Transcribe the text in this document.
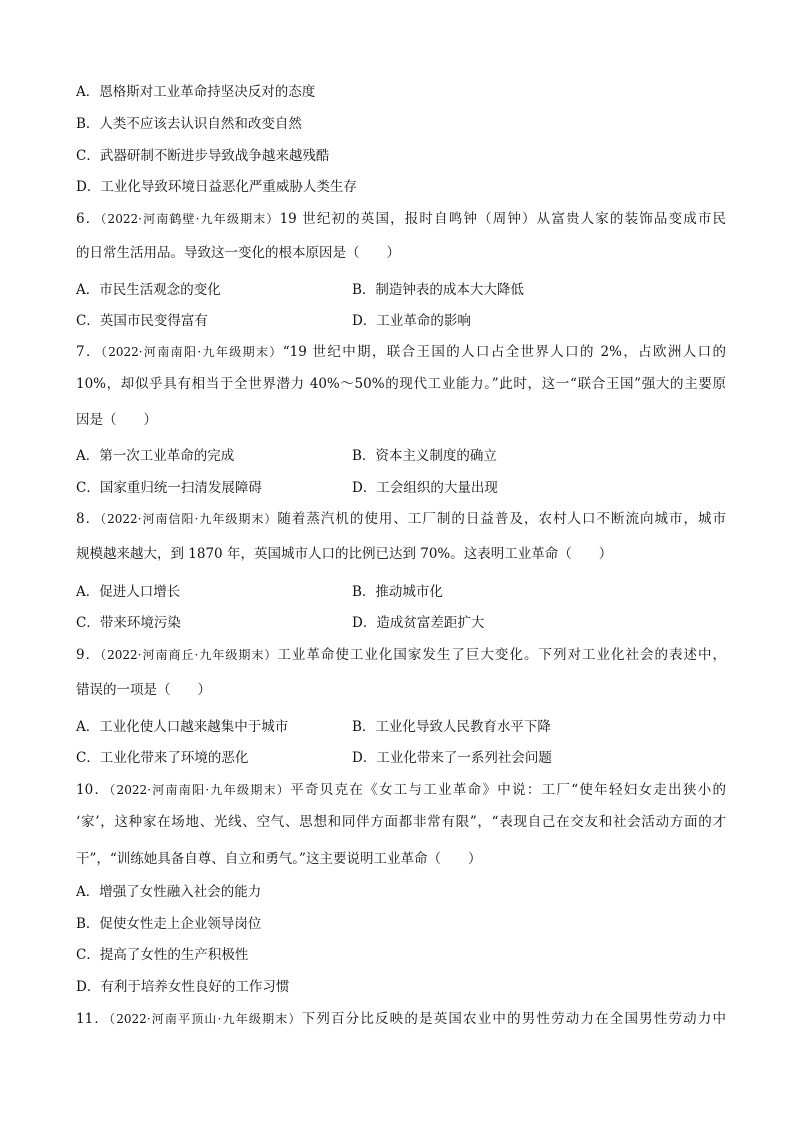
A．恩格斯对工业革命持坚决反对的态度
B．人类不应该去认识自然和改变自然
C．武器研制不断进步导致战争越来越残酷
D．工业化导致环境日益恶化严重威胁人类生存
6．（2022·河南鹤壁·九年级期末）19 世纪初的英国，报时自鸣钟（周钟）从富贵人家的装饰品变成市民
的日常生活用品。导致这一变化的根本原因是（　　）
A．市民生活观念的变化	B．制造钟表的成本大大降低
C．英国市民变得富有	D．工业革命的影响
7．（2022·河南南阳·九年级期末）“19 世纪中期，联合王国的人口占全世界人口的 2%，占欧洲人口的
10%，却似乎具有相当于全世界潜力 40%～50%的现代工业能力。”此时，这一“联合王国”强大的主要原
因是（　　）
A．第一次工业革命的完成	B．资本主义制度的确立
C．国家重归统一扫清发展障碍	D．工会组织的大量出现
8．（2022·河南信阳·九年级期末）随着蒸汽机的使用、工厂制的日益普及，农村人口不断流向城市，城市
规模越来越大，到 1870 年，英国城市人口的比例已达到 70%。这表明工业革命（　　）
A．促进人口增长	B．推动城市化
C．带来环境污染	D．造成贫富差距扩大
9．（2022·河南商丘·九年级期末）工业革命使工业化国家发生了巨大变化。下列对工业化社会的表述中，
错误的一项是（　　）
A．工业化使人口越来越集中于城市	B．工业化导致人民教育水平下降
C．工业化带来了环境的恶化	D．工业化带来了一系列社会问题
10．（2022·河南南阳·九年级期末）平奇贝克在《女工与工业革命》中说：工厂“使年轻妇女走出狭小的
‘家’，这种家在场地、光线、空气、思想和同伴方面都非常有限”，“表现自己在交友和社会活动方面的才
干”，“训练她具备自尊、自立和勇气。”这主要说明工业革命（　　）
A．增强了女性融入社会的能力
B．促使女性走上企业领导岗位
C．提高了女性的生产积极性
D．有利于培养女性良好的工作习惯
11．（2022·河南平顶山·九年级期末）下列百分比反映的是英国农业中的男性劳动力在全国男性劳动力中
